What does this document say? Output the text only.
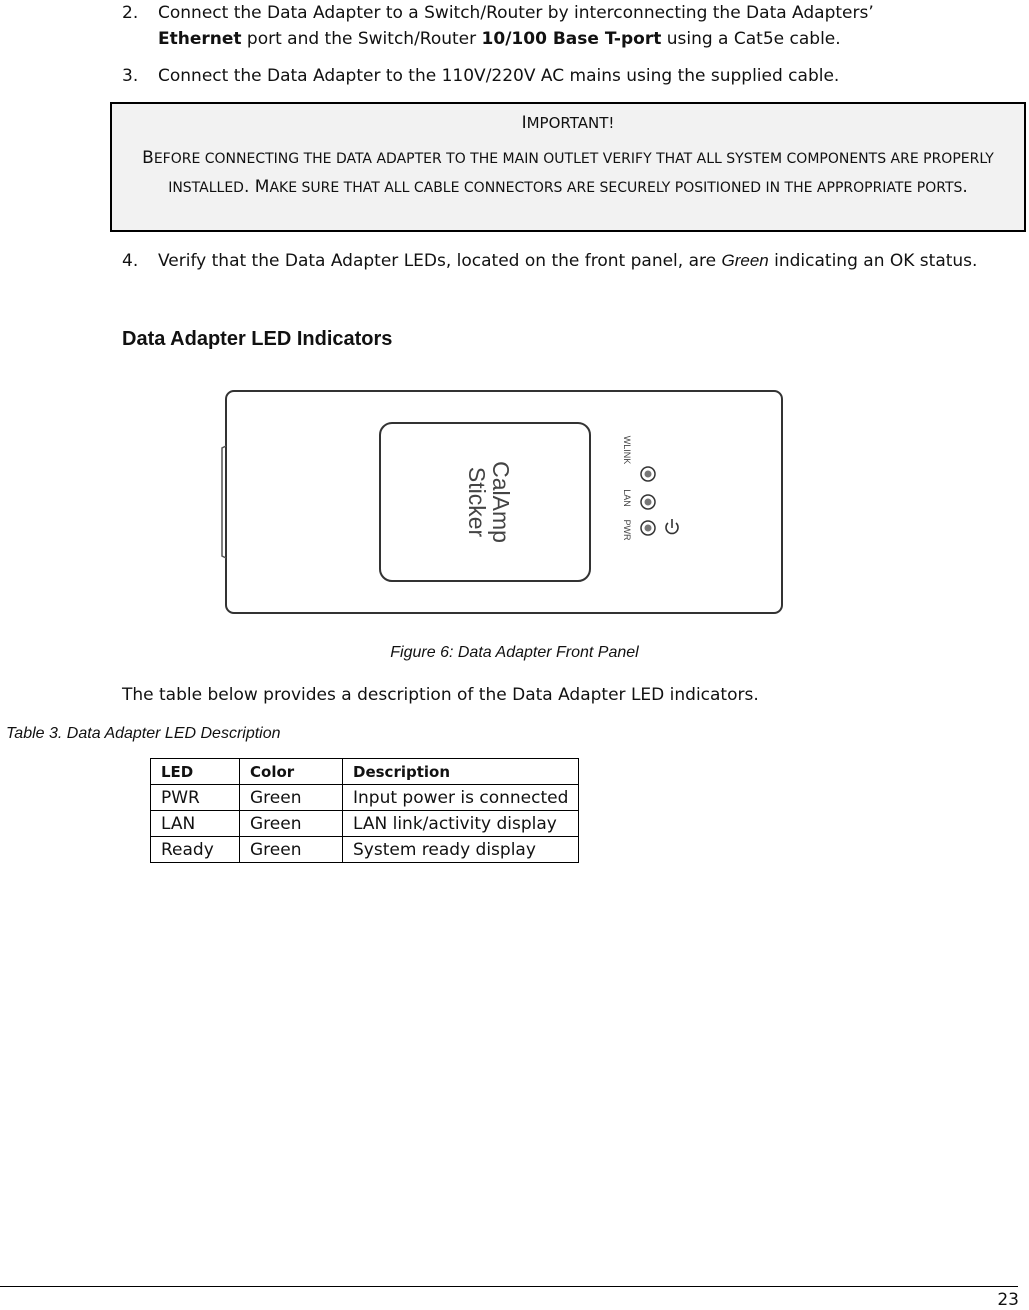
2. Connect the Data Adapter to a Switch/Router by interconnecting the Data Adapters’
Ethernet port and the Switch/Router 10/100 Base T-port using a Cat5e cable.
3. Connect the Data Adapter to the 110V/220V AC mains using the supplied cable.
IMPORTANT!
BEFORE CONNECTING THE DATA ADAPTER TO THE MAIN OUTLET VERIFY THAT ALL SYSTEM COMPONENTS ARE PROPERLY INSTALLED. MAKE SURE THAT ALL CABLE CONNECTORS ARE SECURELY POSITIONED IN THE APPROPRIATE PORTS.
4. Verify that the Data Adapter LEDs, located on the front panel, are Green indicating an OK status.
Data Adapter LED Indicators
CalAmp
Sticker
WLINK
LAN
PWR
Figure 6: Data Adapter Front Panel
The table below provides a description of the Data Adapter LED indicators.
Table 3. Data Adapter LED Description
LED	Color	Description
PWR	Green	Input power is connected
LAN	Green	LAN link/activity display
Ready	Green	System ready display
23
